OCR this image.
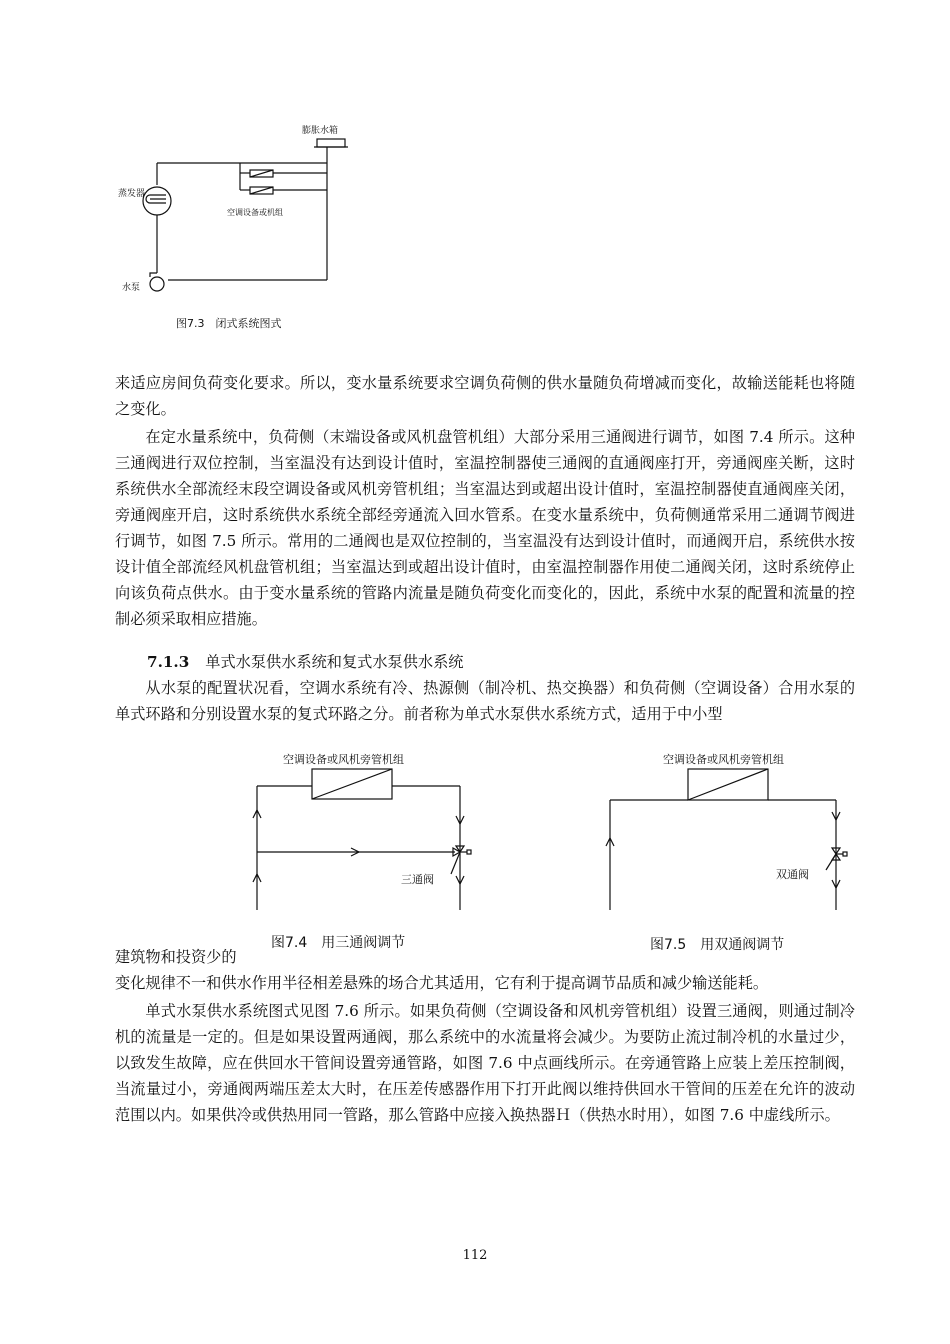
膨胀水箱
蒸发器
空调设备或机组
水泵
图7.3　闭式系统图式

来适应房间负荷变化要求。所以，变水量系统要求空调负荷侧的供水量随负荷增减而变化，故输送能耗也将随之变化。

在定水量系统中，负荷侧（末端设备或风机盘管机组）大部分采用三通阀进行调节，如图 7.4 所示。这种三通阀进行双位控制，当室温没有达到设计值时，室温控制器使三通阀的直通阀座打开，旁通阀座关断，这时系统供水全部流经末段空调设备或风机旁管机组；当室温达到或超出设计值时，室温控制器使直通阀座关闭，旁通阀座开启，这时系统供水系统全部经旁通流入回水管系。在变水量系统中，负荷侧通常采用二通调节阀进行调节，如图 7.5 所示。常用的二通阀也是双位控制的，当室温没有达到设计值时，而通阀开启，系统供水按设计值全部流经风机盘管机组；当室温达到或超出设计值时，由室温控制器作用使二通阀关闭，这时系统停止向该负荷点供水。由于变水量系统的管路内流量是随负荷变化而变化的，因此，系统中水泵的配置和流量的控制必须采取相应措施。

7.1.3 单式水泵供水系统和复式水泵供水系统

从水泵的配置状况看，空调水系统有冷、热源侧（制冷机、热交换器）和负荷侧（空调设备）合用水泵的单式环路和分别设置水泵的复式环路之分。前者称为单式水泵供水系统方式，适用于中小型

空调设备或风机旁管机组
三通阀
图7.4　用三通阀调节
空调设备或风机旁管机组
双通阀
图7.5　用双通阀调节

建筑物和投资少的

变化规律不一和供水作用半径相差悬殊的场合尤其适用，它有利于提高调节品质和减少输送能耗。

单式水泵供水系统图式见图 7.6 所示。如果负荷侧（空调设备和风机旁管机组）设置三通阀，则通过制冷机的流量是一定的。但是如果设置两通阀，那么系统中的水流量将会减少。为要防止流过制冷机的水量过少，以致发生故障，应在供回水干管间设置旁通管路，如图 7.6 中点画线所示。在旁通管路上应装上差压控制阀，当流量过小，旁通阀两端压差太大时，在压差传感器作用下打开此阀以维持供回水干管间的压差在允许的波动范围以内。如果供冷或供热用同一管路，那么管路中应接入换热器Ｈ（供热水时用），如图 7.6 中虚线所示。

112
